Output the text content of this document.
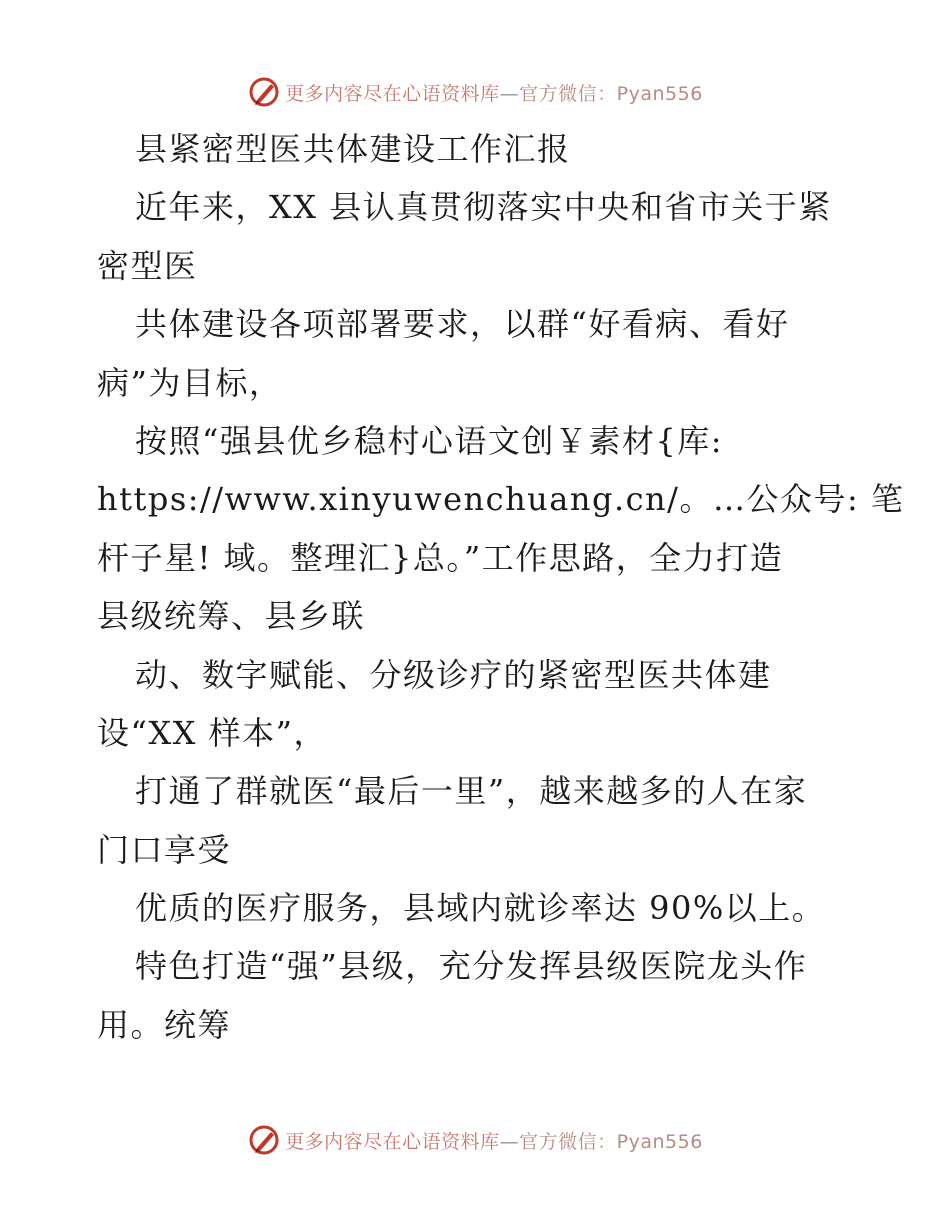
更多内容尽在心语资料库—官方微信：Pyan556
县紧密型医共体建设工作汇报
近年来，XX 县认真贯彻落实中央和省市关于紧
密型医
共体建设各项部署要求，以群“好看病、看好
病”为目标，
按照“强县优乡稳村心语文创￥素材{库:
https://www.xinyuwenchuang.cn/。…公众号: 笔
杆子星! 域。整理汇}总。”工作思路，全力打造
县级统筹、县乡联
动、数字赋能、分级诊疗的紧密型医共体建
设“XX 样本”，
打通了群就医“最后一里”，越来越多的人在家
门口享受
优质的医疗服务，县域内就诊率达 90%以上。
特色打造“强”县级，充分发挥县级医院龙头作
用。统筹
更多内容尽在心语资料库—官方微信：Pyan556
